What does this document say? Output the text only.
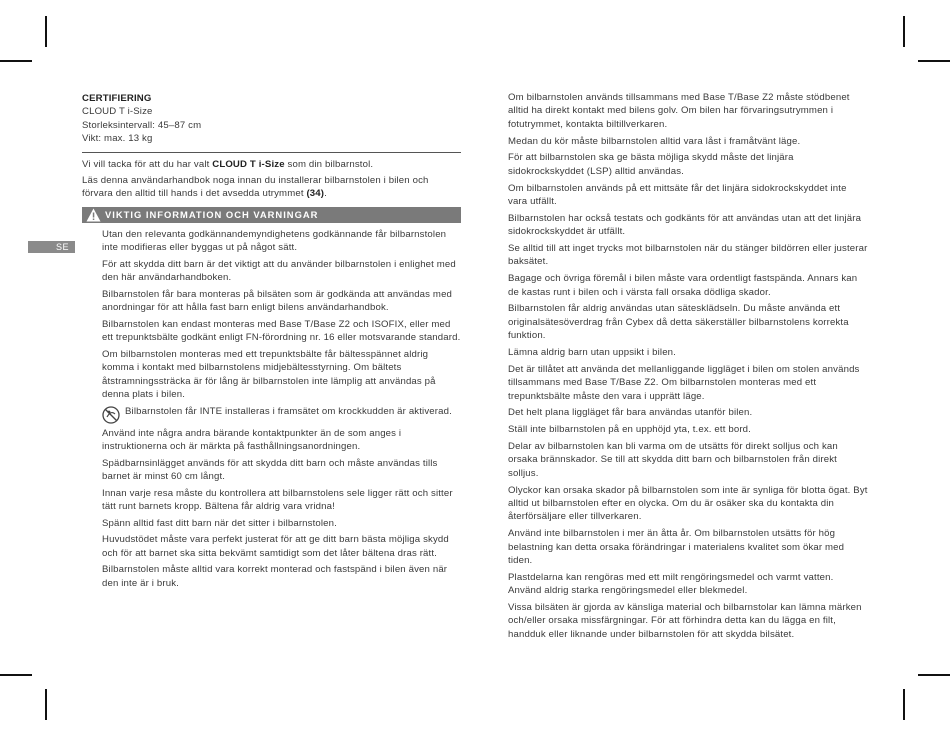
SE

CERTIFIERING

CLOUD T i-Size

Storleksintervall: 45–87 cm

Vikt: max. 13 kg

Vi vill tacka för att du har valt CLOUD T i-Size som din bilbarnstol.

Läs denna användarhandbok noga innan du installerar bilbarnstolen i bilen och förvara den alltid till hands i det avsedda utrymmet (34).

VIKTIG INFORMATION OCH VARNINGAR

Utan den relevanta godkännandemyndighetens godkännande får bilbarnstolen inte modifieras eller byggas ut på något sätt.

För att skydda ditt barn är det viktigt att du använder bilbarnstolen i enlighet med den här användarhandboken.

Bilbarnstolen får bara monteras på bilsäten som är godkända att användas med anordningar för att hålla fast barn enligt bilens användarhandbok.

Bilbarnstolen kan endast monteras med Base T/Base Z2 och ISOFIX, eller med ett trepunktsbälte godkänt enligt FN-förordning nr. 16 eller motsvarande standard.

Om bilbarnstolen monteras med ett trepunktsbälte får bältesspännet aldrig komma i kontakt med bilbarnstolens midjebältesstyrning. Om bältets åtstramningssträcka är för lång är bilbarnstolen inte lämplig att användas på denna plats i bilen.

Bilbarnstolen får INTE installeras i framsätet om krockkudden är aktiverad.

Använd inte några andra bärande kontaktpunkter än de som anges i instruktionerna och är märkta på fasthållningsanordningen.

Spädbarnsinlägget används för att skydda ditt barn och måste användas tills barnet är minst 60 cm långt.

Innan varje resa måste du kontrollera att bilbarnstolens sele ligger rätt och sitter tätt runt barnets kropp. Bältena får aldrig vara vridna!

Spänn alltid fast ditt barn när det sitter i bilbarnstolen.

Huvudstödet måste vara perfekt justerat för att ge ditt barn bästa möjliga skydd och för att barnet ska sitta bekvämt samtidigt som det låter bältena dras rätt.

Bilbarnstolen måste alltid vara korrekt monterad och fastspänd i bilen även när den inte är i bruk.

Om bilbarnstolen används tillsammans med Base T/Base Z2 måste stödbenet alltid ha direkt kontakt med bilens golv. Om bilen har förvaringsutrymmen i fotutrymmet, kontakta biltillverkaren.

Medan du kör måste bilbarnstolen alltid vara låst i framåtvänt läge.

För att bilbarnstolen ska ge bästa möjliga skydd måste det linjära sidokrockskyddet (LSP) alltid användas.

Om bilbarnstolen används på ett mittsäte får det linjära sidokrockskyddet inte vara utfällt.

Bilbarnstolen har också testats och godkänts för att användas utan att det linjära sidokrockskyddet är utfällt.

Se alltid till att inget trycks mot bilbarnstolen när du stänger bildörren eller justerar baksätet.

Bagage och övriga föremål i bilen måste vara ordentligt fastspända. Annars kan de kastas runt i bilen och i värsta fall orsaka dödliga skador.

Bilbarnstolen får aldrig användas utan sätesklädseln. Du måste använda ett originalsätesöverdrag från Cybex då detta säkerställer bilbarnstolens korrekta funktion.

Lämna aldrig barn utan uppsikt i bilen.

Det är tillåtet att använda det mellanliggande liggläget i bilen om stolen används tillsammans med Base T/Base Z2. Om bilbarnstolen monteras med ett trepunktsbälte måste den vara i upprätt läge.

Det helt plana liggläget får bara användas utanför bilen.

Ställ inte bilbarnstolen på en upphöjd yta, t.ex. ett bord.

Delar av bilbarnstolen kan bli varma om de utsätts för direkt solljus och kan orsaka brännskador. Se till att skydda ditt barn och bilbarnstolen från direkt solljus.

Olyckor kan orsaka skador på bilbarnstolen som inte är synliga för blotta ögat. Byt alltid ut bilbarnstolen efter en olycka. Om du är osäker ska du kontakta din återförsäljare eller tillverkaren.

Använd inte bilbarnstolen i mer än åtta år. Om bilbarnstolen utsätts för hög belastning kan detta orsaka förändringar i materialens kvalitet som ökar med tiden.

Plastdelarna kan rengöras med ett milt rengöringsmedel och varmt vatten. Använd aldrig starka rengöringsmedel eller blekmedel.

Vissa bilsäten är gjorda av känsliga material och bilbarnstolar kan lämna märken och/eller orsaka missfärgningar. För att förhindra detta kan du lägga en filt, handduk eller liknande under bilbarnstolen för att skydda bilsätet.
